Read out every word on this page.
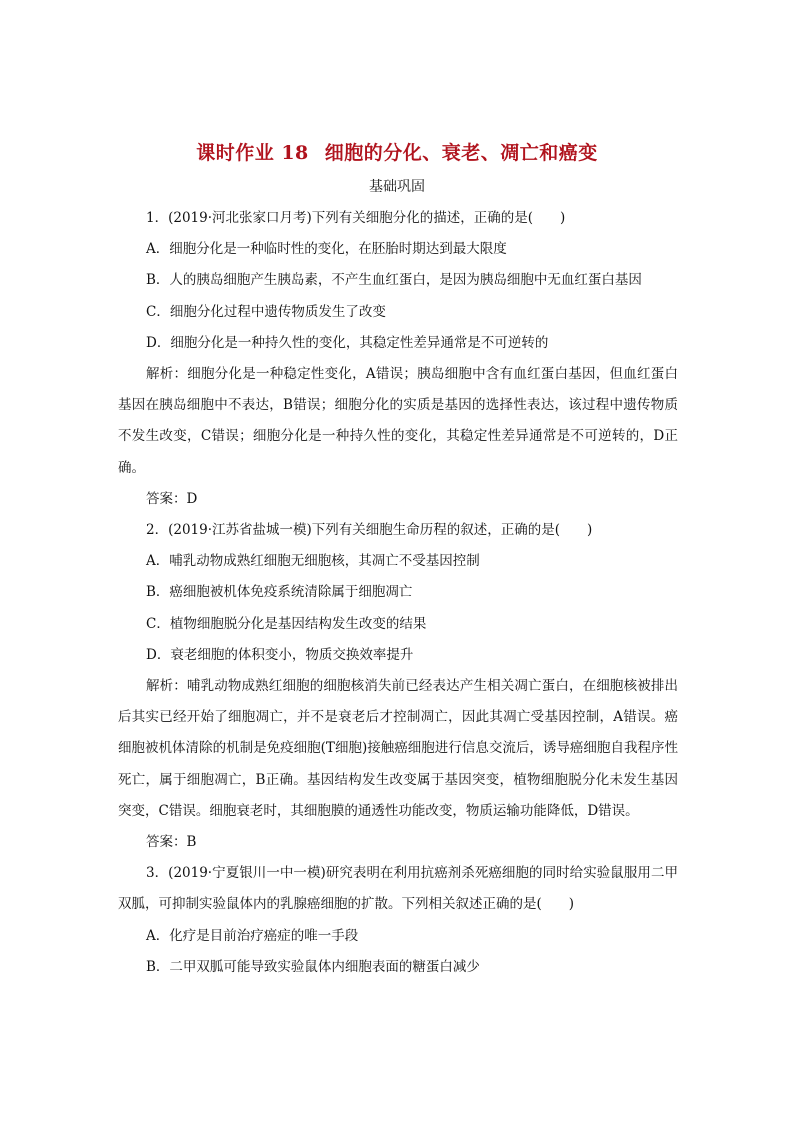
课时作业 18 细胞的分化、衰老、凋亡和癌变
基础巩固

1．(2019·河北张家口月考)下列有关细胞分化的描述，正确的是(　　)

A．细胞分化是一种临时性的变化，在胚胎时期达到最大限度

B．人的胰岛细胞产生胰岛素，不产生血红蛋白，是因为胰岛细胞中无血红蛋白基因

C．细胞分化过程中遗传物质发生了改变

D．细胞分化是一种持久性的变化，其稳定性差异通常是不可逆转的

解析：细胞分化是一种稳定性变化，A错误；胰岛细胞中含有血红蛋白基因，但血红蛋白基因在胰岛细胞中不表达，B错误；细胞分化的实质是基因的选择性表达，该过程中遗传物质不发生改变，C错误；细胞分化是一种持久性的变化，其稳定性差异通常是不可逆转的，D正确。

答案：D

2．(2019·江苏省盐城一模)下列有关细胞生命历程的叙述，正确的是(　　)

A．哺乳动物成熟红细胞无细胞核，其凋亡不受基因控制

B．癌细胞被机体免疫系统清除属于细胞凋亡

C．植物细胞脱分化是基因结构发生改变的结果

D．衰老细胞的体积变小，物质交换效率提升

解析：哺乳动物成熟红细胞的细胞核消失前已经表达产生相关凋亡蛋白，在细胞核被排出后其实已经开始了细胞凋亡，并不是衰老后才控制凋亡，因此其凋亡受基因控制，A错误。癌细胞被机体清除的机制是免疫细胞(T细胞)接触癌细胞进行信息交流后，诱导癌细胞自我程序性死亡，属于细胞凋亡，B正确。基因结构发生改变属于基因突变，植物细胞脱分化未发生基因突变，C错误。细胞衰老时，其细胞膜的通透性功能改变，物质运输功能降低，D错误。

答案：B

3．(2019·宁夏银川一中一模)研究表明在利用抗癌剂杀死癌细胞的同时给实验鼠服用二甲双胍，可抑制实验鼠体内的乳腺癌细胞的扩散。下列相关叙述正确的是(　　)

A．化疗是目前治疗癌症的唯一手段

B．二甲双胍可能导致实验鼠体内细胞表面的糖蛋白减少
